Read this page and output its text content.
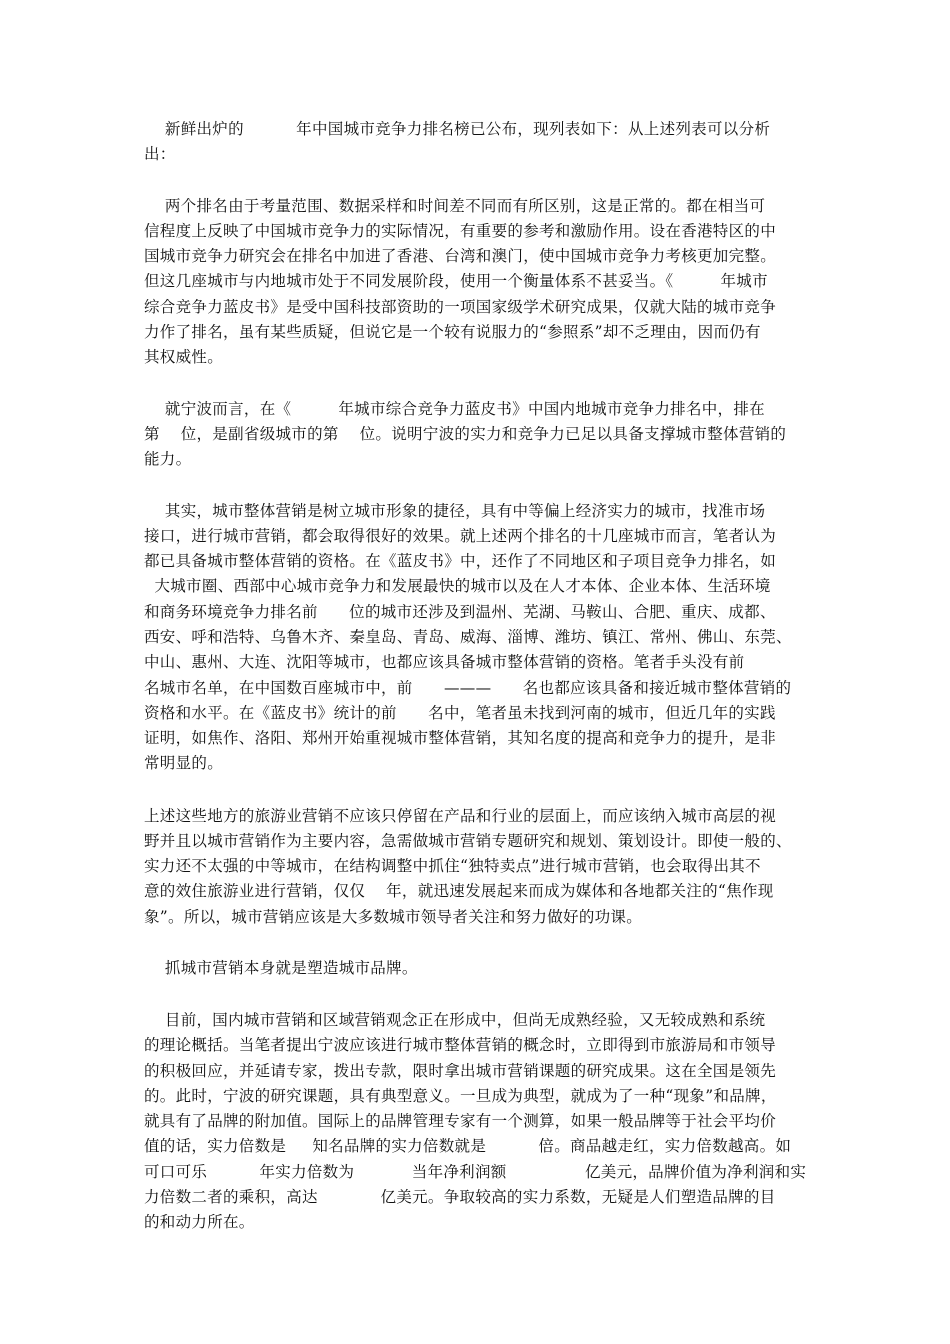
新鲜出炉的          年中国城市竞争力排名榜已公布，现列表如下：从上述列表可以分析

出：

两个排名由于考量范围、数据采样和时间差不同而有所区别，这是正常的。都在相当可

信程度上反映了中国城市竞争力的实际情况，有重要的参考和激励作用。设在香港特区的中

国城市竞争力研究会在排名中加进了香港、台湾和澳门，使中国城市竞争力考核更加完整。

但这几座城市与内地城市处于不同发展阶段，使用一个衡量体系不甚妥当。《         年城市

综合竞争力蓝皮书》是受中国科技部资助的一项国家级学术研究成果，仅就大陆的城市竞争

力作了排名，虽有某些质疑，但说它是一个较有说服力的“参照系”却不乏理由，因而仍有

其权威性。

就宁波而言，在《         年城市综合竞争力蓝皮书》中国内地城市竞争力排名中，排在

第    位，是副省级城市的第    位。说明宁波的实力和竞争力已足以具备支撑城市整体营销的

能力。

其实，城市整体营销是树立城市形象的捷径，具有中等偏上经济实力的城市，找准市场

接口，进行城市营销，都会取得很好的效果。就上述两个排名的十几座城市而言，笔者认为

都已具备城市整体营销的资格。在《蓝皮书》中，还作了不同地区和子项目竞争力排名，如

大城市圈、西部中心城市竞争力和发展最快的城市以及在人才本体、企业本体、生活环境

和商务环境竞争力排名前      位的城市还涉及到温州、芜湖、马鞍山、合肥、重庆、成都、

西安、呼和浩特、乌鲁木齐、秦皇岛、青岛、威海、淄博、潍坊、镇江、常州、佛山、东莞、

中山、惠州、大连、沈阳等城市，也都应该具备城市整体营销的资格。笔者手头没有前

名城市名单，在中国数百座城市中，前      ———      名也都应该具备和接近城市整体营销的

资格和水平。在《蓝皮书》统计的前      名中，笔者虽未找到河南的城市，但近几年的实践

证明，如焦作、洛阳、郑州开始重视城市整体营销，其知名度的提高和竞争力的提升，是非

常明显的。

上述这些地方的旅游业营销不应该只停留在产品和行业的层面上，而应该纳入城市高层的视

野并且以城市营销作为主要内容，急需做城市营销专题研究和规划、策划设计。即使一般的、

实力还不太强的中等城市，在结构调整中抓住“独特卖点”进行城市营销，也会取得出其不

意的效住旅游业进行营销，仅仅    年，就迅速发展起来而成为媒体和各地都关注的“焦作现

象”。所以，城市营销应该是大多数城市领导者关注和努力做好的功课。

抓城市营销本身就是塑造城市品牌。

目前，国内城市营销和区域营销观念正在形成中，但尚无成熟经验，又无较成熟和系统

的理论概括。当笔者提出宁波应该进行城市整体营销的概念时，立即得到市旅游局和市领导

的积极回应，并延请专家，拨出专款，限时拿出城市营销课题的研究成果。这在全国是领先

的。此时，宁波的研究课题，具有典型意义。一旦成为典型，就成为了一种“现象”和品牌，

就具有了品牌的附加值。国际上的品牌管理专家有一个测算，如果一般品牌等于社会平均价

值的话，实力倍数是     知名品牌的实力倍数就是          倍。商品越走红，实力倍数越高。如

可口可乐          年实力倍数为           当年净利润额               亿美元，品牌价值为净利润和实

力倍数二者的乘积，高达            亿美元。争取较高的实力系数，无疑是人们塑造品牌的目

的和动力所在。
